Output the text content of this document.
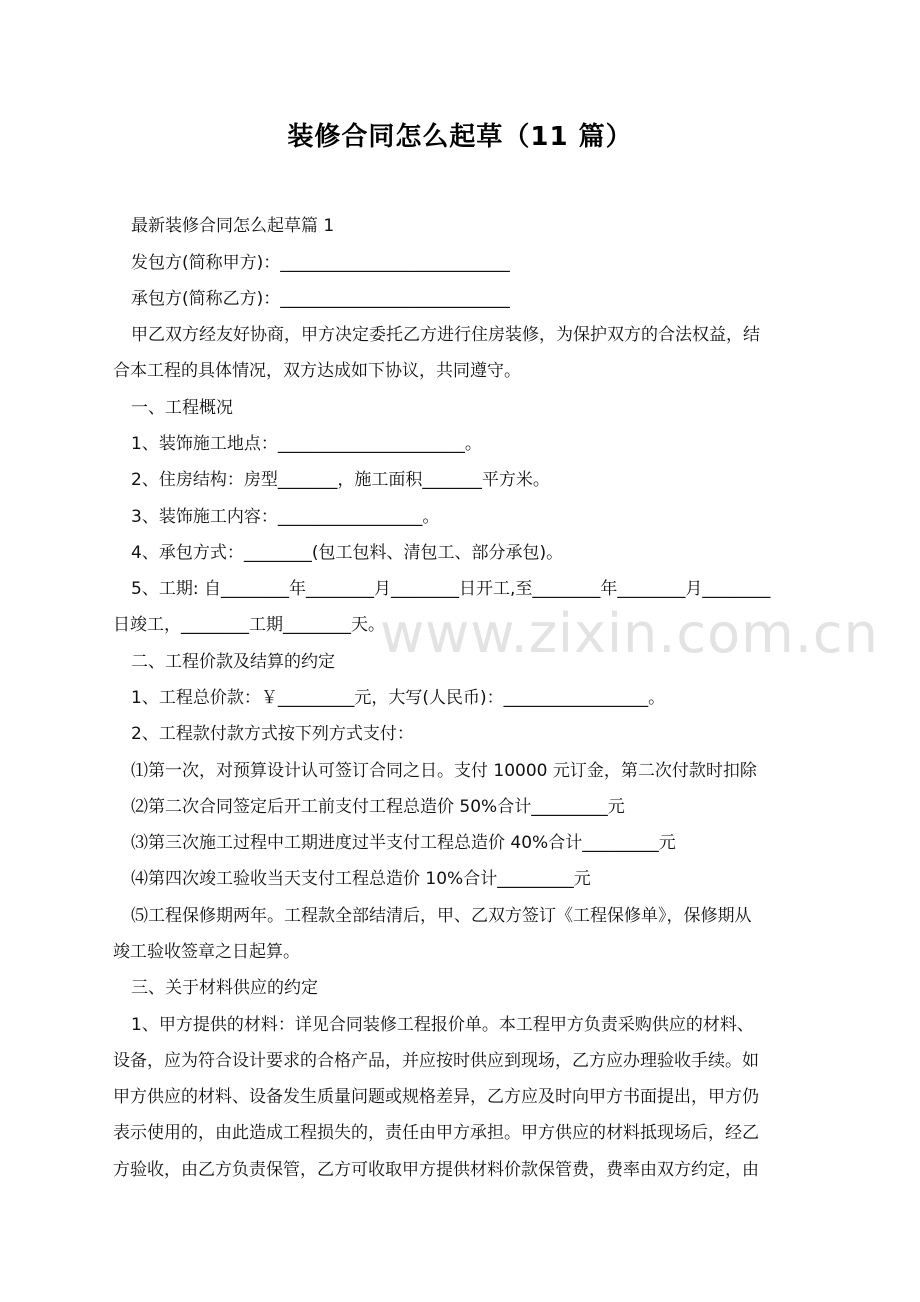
www.zixin.com.cn
装修合同怎么起草（11 篇）
最新装修合同怎么起草篇 1
发包方(简称甲方)：___________________________
承包方(简称乙方)：___________________________
甲乙双方经友好协商，甲方决定委托乙方进行住房装修，为保护双方的合法权益，结
合本工程的具体情况，双方达成如下协议，共同遵守。
一、工程概况
1、装饰施工地点：______________________。
2、住房结构：房型_______，施工面积_______平方米。
3、装饰施工内容：_________________。
4、承包方式：________(包工包料、清包工、部分承包)。
5、工期: 自________年________月________日开工,至________年________月________
日竣工，________工期________天。
二、工程价款及结算的约定
1、工程总价款：￥_________元，大写(人民币)：_________________。
2、工程款付款方式按下列方式支付：
⑴第一次，对预算设计认可签订合同之日。支付 10000 元订金，第二次付款时扣除
⑵第二次合同签定后开工前支付工程总造价 50%合计_________元
⑶第三次施工过程中工期进度过半支付工程总造价 40%合计_________元
⑷第四次竣工验收当天支付工程总造价 10%合计_________元
⑸工程保修期两年。工程款全部结清后，甲、乙双方签订《工程保修单》，保修期从
竣工验收签章之日起算。
三、关于材料供应的约定
1、甲方提供的材料：详见合同装修工程报价单。本工程甲方负责采购供应的材料、
设备，应为符合设计要求的合格产品，并应按时供应到现场，乙方应办理验收手续。如
甲方供应的材料、设备发生质量问题或规格差异，乙方应及时向甲方书面提出，甲方仍
表示使用的，由此造成工程损失的，责任由甲方承担。甲方供应的材料抵现场后，经乙
方验收，由乙方负责保管，乙方可收取甲方提供材料价款保管费，费率由双方约定，由
